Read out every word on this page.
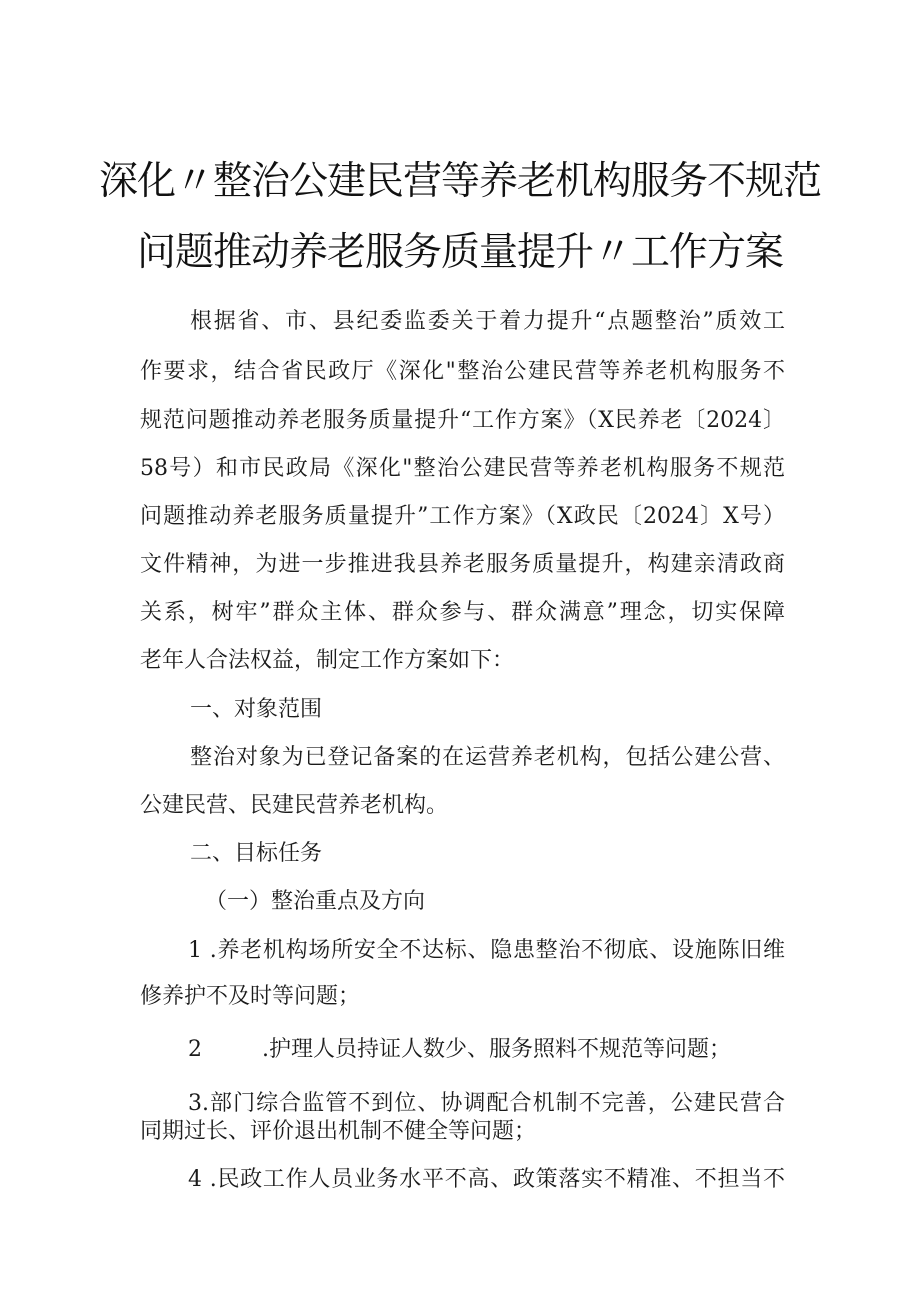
深化〃整治公建民营等养老机构服务不规范
问题推动养老服务质量提升〃工作方案
根据省、市、县纪委监委关于着力提升“点题整治”质效工
作要求，结合省民政厅《深化"整治公建民营等养老机构服务不
规范问题推动养老服务质量提升“工作方案》（X民养老〔2024〕
58号）和市民政局《深化"整治公建民营等养老机构服务不规范
问题推动养老服务质量提升”工作方案》（X政民〔2024〕X号）
文件精神，为进一步推进我县养老服务质量提升，构建亲清政商
关系，树牢”群众主体、群众参与、群众满意”理念，切实保障
老年人合法权益，制定工作方案如下：
一、对象范围
整治对象为已登记备案的在运营养老机构，包括公建公营、
公建民营、民建民营养老机构。
二、目标任务
（一）整治重点及方向
1 .养老机构场所安全不达标、隐患整治不彻底、设施陈旧维
修养护不及时等问题；
2	.护理人员持证人数少、服务照料不规范等问题；
3.部门综合监管不到位、协调配合机制不完善，公建民营合
同期过长、评价退出机制不健全等问题；
4 .民政工作人员业务水平不高、政策落实不精准、不担当不
